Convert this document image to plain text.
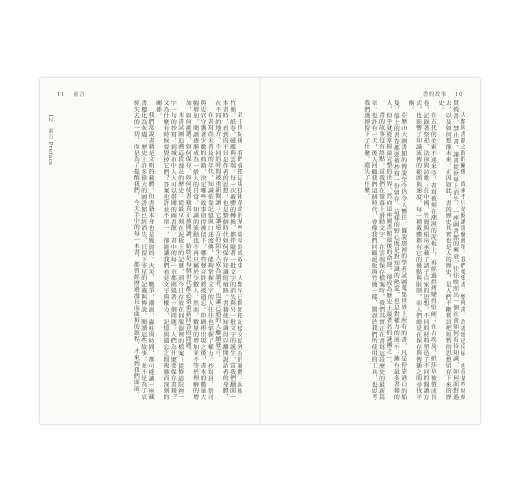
11 前言

若干世紀後，我們會把這場技術革命的某些篇章寫成故事。人類早已開始把記憶交給外在的載體：泥板、竹簡、紙卷、磁碟與雲端。每一次載體的轉換，都伴隨著一批文字的消失與另一批文字的誕生。當我們翻開一本書時，看到的不只是作者的思想，也是整個時代如何保存知識的痕跡。書籍使知識得以離開說話者的身體，在不同的地方、不同的時間被重新閱讀；它讓遠方的陌生人成為讀者，也讓已逝的人繼續發言。

在書寫尚未普及的年代，知識依靠記憶與口述流傳，能夠掌握文字的人往往也掌握了權力。抄寫員、祭司與史官守護著少數的典籍，決定哪些故事值得被留下，哪些聲音終將被遺忘。印刷術出現之後，書本的數量大幅增加，閱讀逐漸成為一般人的日常，知識的流動也不再只屬於少數人。然而，數量的增加並不等於理解的增加，如何挑選、如何保存、如何使書籍真正被閱讀，始終是每個世代都必須重新回答的問題。

本書試圖追溯這段漫長的歷史：從最早刻在泥板上的記號，到今日存放在伺服器裡的檔案；從修道院裡一字一句的抄寫，到城市中人人可以借閱的圖書館。書中的每一章都圍繞著一個問題：人們為什麼要保存書籍？又為什麼有時候要毀掉它們？答案也許並不單一，卻能讓我們看見文字與權力、記憶與遺忘之間複雜而深刻的關係。

我們常說書籍是文明的載體，但書籍本身也是脆弱的。火災、戰爭、潮濕、蟲蛀與時間，都可能讓一座藏書樓化為灰燼。歷史上許多偉大的圖書館已經消失，只留下零星的記載與傳說。閱讀這些故事，並不是為了哀悼失去的一切，而是為了提醒我們，今天手中的每一本書，都曾經歷過漫長而曲折的旅程，才來到我們面前。

12 前言 Preface
書的故事 10

人類與書籍之間的關係，從來不只是閱讀那麼簡單。我們蒐集書、整理書、為書建造房屋，也在某些時刻焚燒書、禁止書、讓書從世界上消失。一座圖書館的興衰，往往映照出一個社會如何看待知識、如何面對過去，以及如何想像未來。正因如此，書的歷史其實也是人的歷史，是人們不斷嘗試把短暫的思想留存下來的歷史。

在古代的美索不達米亞，書寫被刻在潮濕的泥板上，再經過烘烤變得堅硬；在古埃及，紙莎草被製成長卷，記錄著祭祀、法律與詩歌；在中國，竹簡與絹帛承載了諸子百家的思想。不同的材料塑造了不同的閱讀方式，也影響了知識流傳的範圍與速度。每一種載體都有它的優點與限制，而人們總是在保存與傳播之間尋找平衡。

亞歷山大圖書館的傳說至今仍令人嚮往。據說那裡的學者試圖蒐集世界上所有的書，凡是停靠港口的船隻，船上的書卷都要被抄寫一份留存。這樣的野心既是對知識的熱愛，也是對權力的展示：擁有最多書籍的人，似乎就能掌握最完整的世界。然而這座圖書館最後的命運，卻成為歷史上最著名的謎團之一。

書的故事沒有終點。當我們在螢幕上滑動文字、在雲端保存檔案時，我們其實正在書寫這段歷史的最新篇章。也許有一天，後人回顧我們這個時代，會像我們回顧泥板與竹簡一樣，驚訝於我們所使用的工具，也思考我們選擇留下了什麼、遺失了什麼。
